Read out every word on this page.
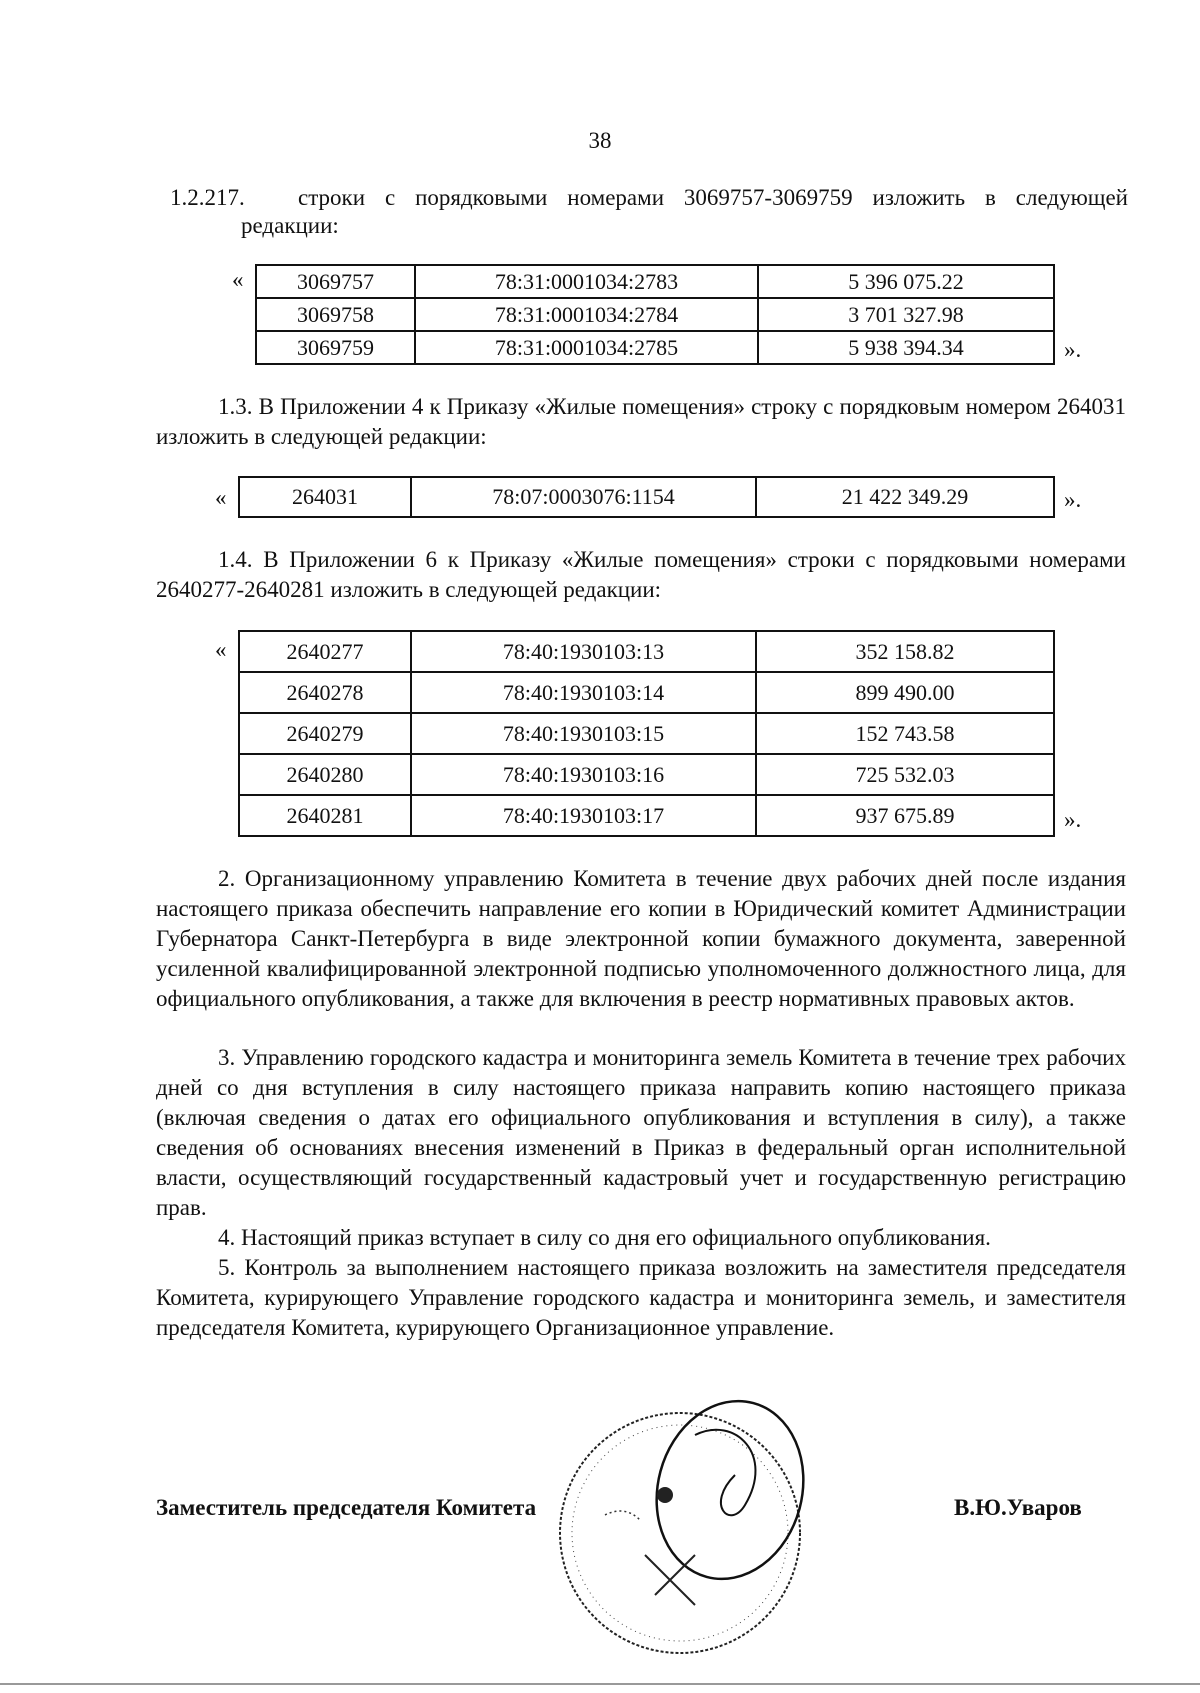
38
1.2.217.	строки с порядковыми номерами 3069757-3069759 изложить в следующей
редакции:
« 3069757	78:31:0001034:2783	5 396 075.22
3069758	78:31:0001034:2784	3 701 327.98
3069759	78:31:0001034:2785	5 938 394.34	».
1.3. В Приложении 4 к Приказу «Жилые помещения» строку с порядковым номером 264031 изложить в следующей редакции:
«	264031	78:07:0003076:1154	21 422 349.29	».
1.4. В Приложении 6 к Приказу «Жилые помещения» строки с порядковыми номерами 2640277-2640281 изложить в следующей редакции:
«	2640277	78:40:1930103:13	352 158.82
2640278	78:40:1930103:14	899 490.00
2640279	78:40:1930103:15	152 743.58
2640280	78:40:1930103:16	725 532.03
2640281	78:40:1930103:17	937 675.89	».
2. Организационному управлению Комитета в течение двух рабочих дней после издания настоящего приказа обеспечить направление его копии в Юридический комитет Администрации Губернатора Санкт-Петербурга в виде электронной копии бумажного документа, заверенной усиленной квалифицированной электронной подписью уполномоченного должностного лица, для официального опубликования, а также для включения в реестр нормативных правовых актов.
3. Управлению городского кадастра и мониторинга земель Комитета в течение трех рабочих дней со дня вступления в силу настоящего приказа направить копию настоящего приказа (включая сведения о датах его официального опубликования и вступления в силу), а также сведения об основаниях внесения изменений в Приказ в федеральный орган исполнительной власти, осуществляющий государственный кадастровый учет и государственную регистрацию прав.
4. Настоящий приказ вступает в силу со дня его официального опубликования.
5. Контроль за выполнением настоящего приказа возложить на заместителя председателя Комитета, курирующего Управление городского кадастра и мониторинга земель, и заместителя председателя Комитета, курирующего Организационное управление.
Заместитель председателя Комитета	В.Ю.Уваров
